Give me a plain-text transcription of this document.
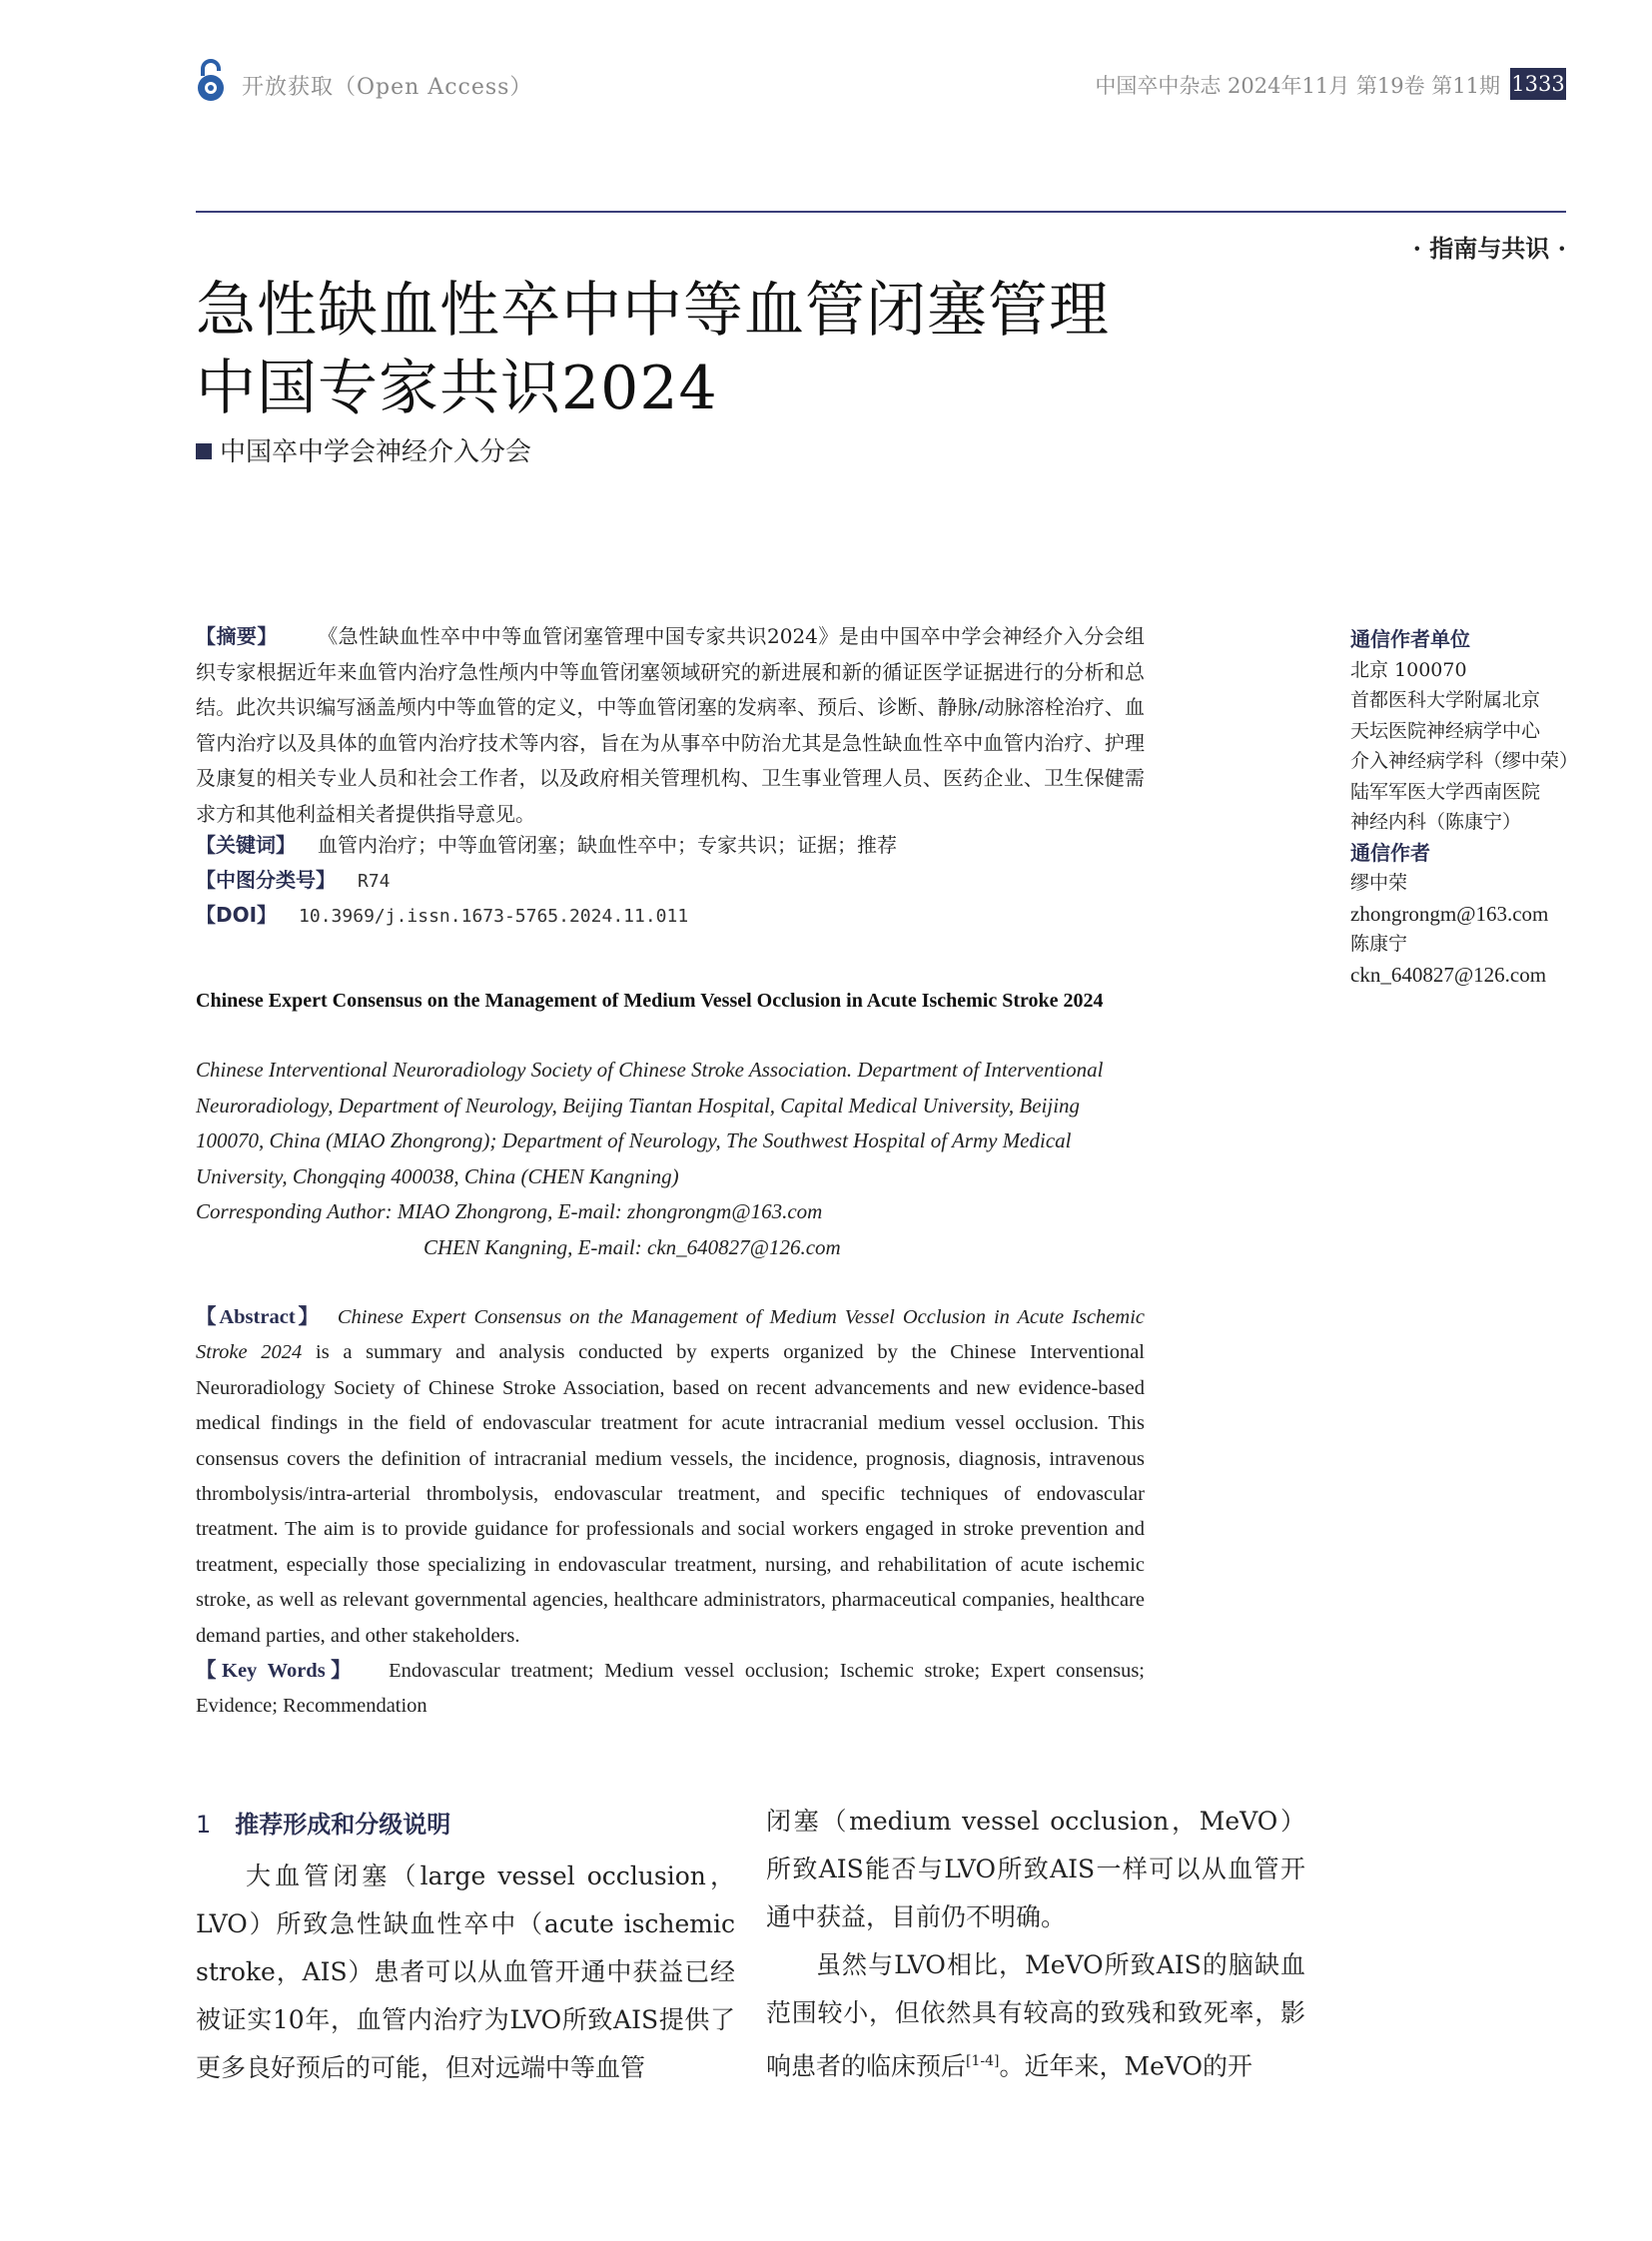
开放获取（Open Access）	中国卒中杂志 2024年11月 第19卷 第11期 1333
· 指南与共识 ·
急性缺血性卒中中等血管闭塞管理
中国专家共识2024
中国卒中学会神经介入分会
【摘要】 《急性缺血性卒中中等血管闭塞管理中国专家共识2024》是由中国卒中学会神经介入分会组织专家根据近年来血管内治疗急性颅内中等血管闭塞领域研究的新进展和新的循证医学证据进行的分析和总结。此次共识编写涵盖颅内中等血管的定义，中等血管闭塞的发病率、预后、诊断、静脉/动脉溶栓治疗、血管内治疗以及具体的血管内治疗技术等内容，旨在为从事卒中防治尤其是急性缺血性卒中血管内治疗、护理及康复的相关专业人员和社会工作者，以及政府相关管理机构、卫生事业管理人员、医药企业、卫生保健需求方和其他利益相关者提供指导意见。
【关键词】 血管内治疗；中等血管闭塞；缺血性卒中；专家共识；证据；推荐
【中图分类号】 R74
【DOI】 10.3969/j.issn.1673-5765.2024.11.011
Chinese Expert Consensus on the Management of Medium Vessel Occlusion in Acute Ischemic Stroke 2024
Chinese Interventional Neuroradiology Society of Chinese Stroke Association. Department of Interventional Neuroradiology, Department of Neurology, Beijing Tiantan Hospital, Capital Medical University, Beijing 100070, China (MIAO Zhongrong); Department of Neurology, The Southwest Hospital of Army Medical University, Chongqing 400038, China (CHEN Kangning)
Corresponding Author: MIAO Zhongrong, E-mail: zhongrongm@163.com
CHEN Kangning, E-mail: ckn_640827@126.com
【Abstract】 Chinese Expert Consensus on the Management of Medium Vessel Occlusion in Acute Ischemic Stroke 2024 is a summary and analysis conducted by experts organized by the Chinese Interventional Neuroradiology Society of Chinese Stroke Association, based on recent advancements and new evidence-based medical findings in the field of endovascular treatment for acute intracranial medium vessel occlusion. This consensus covers the definition of intracranial medium vessels, the incidence, prognosis, diagnosis, intravenous thrombolysis/intra-arterial thrombolysis, endovascular treatment, and specific techniques of endovascular treatment. The aim is to provide guidance for professionals and social workers engaged in stroke prevention and treatment, especially those specializing in endovascular treatment, nursing, and rehabilitation of acute ischemic stroke, as well as relevant governmental agencies, healthcare administrators, pharmaceutical companies, healthcare demand parties, and other stakeholders.
【Key Words】 Endovascular treatment; Medium vessel occlusion; Ischemic stroke; Expert consensus; Evidence; Recommendation
通信作者单位
北京 100070
首都医科大学附属北京
天坛医院神经病学中心
介入神经病学科（缪中荣）
陆军军医大学西南医院
神经内科（陈康宁）
通信作者
缪中荣
zhongrongm@163.com
陈康宁
ckn_640827@126.com
1 推荐形成和分级说明

大血管闭塞（large vessel occlusion，LVO）所致急性缺血性卒中（acute ischemic stroke，AIS）患者可以从血管开通中获益已经被证实10年，血管内治疗为LVO所致AIS提供了更多良好预后的可能，但对远端中等血管

闭塞（medium vessel occlusion，MeVO）所致AIS能否与LVO所致AIS一样可以从血管开通中获益，目前仍不明确。

虽然与LVO相比，MeVO所致AIS的脑缺血范围较小，但依然具有较高的致残和致死率，影响患者的临床预后[1-4]。近年来，MeVO的开
